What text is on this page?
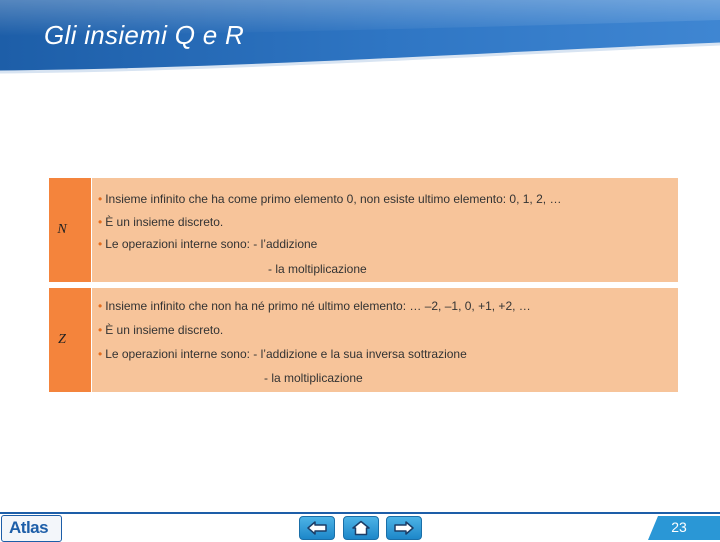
Gli insiemi Q e R
N
• Insieme infinito che ha come primo elemento 0, non esiste ultimo elemento: 0, 1, 2, …
• È un insieme discreto.
• Le operazioni interne sono: - l’addizione
- la moltiplicazione
Z
• Insieme infinito che non ha né primo né ultimo elemento: … –2, –1, 0, +1, +2, …
• È un insieme discreto.
• Le operazioni interne sono: - l’addizione e la sua inversa sottrazione
- la moltiplicazione
Atlas	23
